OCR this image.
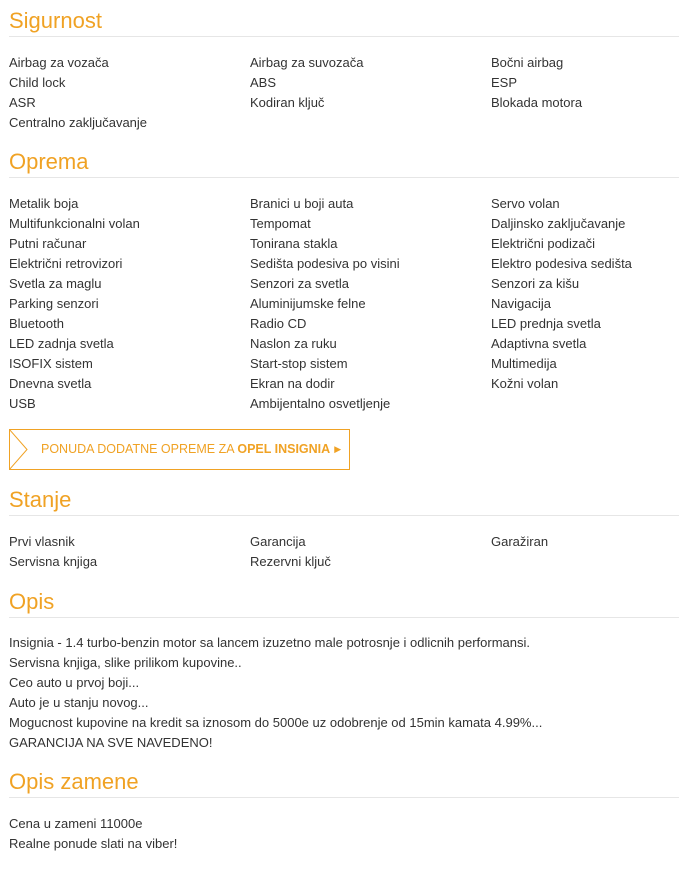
Sigurnost
Airbag za vozača	Airbag za suvozača	Bočni airbag
Child lock	ABS	ESP
ASR	Kodiran ključ	Blokada motora
Centralno zaključavanje
Oprema
Metalik boja	Branici u boji auta	Servo volan
Multifunkcionalni volan	Tempomat	Daljinsko zaključavanje
Putni računar	Tonirana stakla	Električni podizači
Električni retrovizori	Sedišta podesiva po visini	Elektro podesiva sedišta
Svetla za maglu	Senzori za svetla	Senzori za kišu
Parking senzori	Aluminijumske felne	Navigacija
Bluetooth	Radio CD	LED prednja svetla
LED zadnja svetla	Naslon za ruku	Adaptivna svetla
ISOFIX sistem	Start-stop sistem	Multimedija
Dnevna svetla	Ekran na dodir	Kožni volan
USB	Ambijentalno osvetljenje
PONUDA DODATNE OPREME ZA OPEL INSIGNIA ▶
Stanje
Prvi vlasnik	Garancija	Garažiran
Servisna knjiga	Rezervni ključ
Opis
Insignia - 1.4 turbo-benzin motor sa lancem izuzetno male potrosnje i odlicnih performansi.
Servisna knjiga, slike prilikom kupovine..
Ceo auto u prvoj boji...
Auto je u stanju novog...
Mogucnost kupovine na kredit sa iznosom do 5000e uz odobrenje od 15min kamata 4.99%...
GARANCIJA NA SVE NAVEDENO!
Opis zamene
Cena u zameni 11000e
Realne ponude slati na viber!
